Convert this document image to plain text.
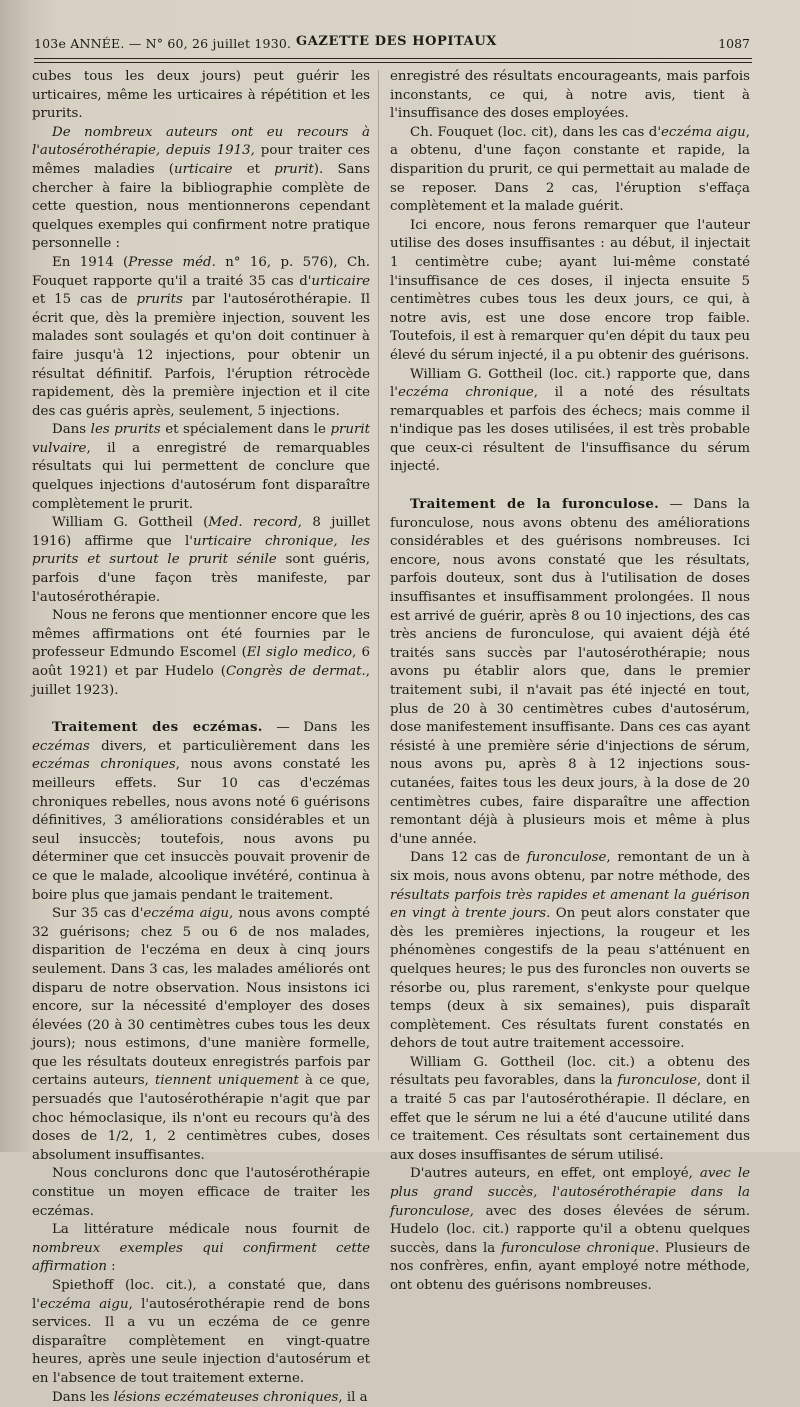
103e ANNÉE. — N° 60, 26 juillet 1930. GAZETTE DES HOPITAUX	1087

cubes tous les deux jours) peut guérir les urticaires, même les urticaires à répétition et les prurits.

De nombreux auteurs ont eu recours à l'autosérothérapie, depuis 1913, pour traiter ces mêmes maladies (urticaire et prurit). Sans chercher à faire la bibliographie complète de cette question, nous mentionnerons cependant quelques exemples qui confirment notre pratique personnelle :

En 1914 (Presse méd. n° 16, p. 576), Ch. Fouquet rapporte qu'il a traité 35 cas d'urticaire et 15 cas de prurits par l'autosérothérapie. Il écrit que, dès la première injection, souvent les malades sont soulagés et qu'on doit continuer à faire jusqu'à 12 injections, pour obtenir un résultat définitif. Parfois, l'éruption rétrocède rapidement, dès la première injection et il cite des cas guéris après, seulement, 5 injections.

Dans les prurits et spécialement dans le prurit vulvaire, il a enregistré de remarquables résultats qui lui permettent de conclure que quelques injections d'autosérum font disparaître complètement le prurit.

William G. Gottheil (Med. record, 8 juillet 1916) affirme que l'urticaire chronique, les prurits et surtout le prurit sénile sont guéris, parfois d'une façon très manifeste, par l'autosérothérapie.

Nous ne ferons que mentionner encore que les mêmes affirmations ont été fournies par le professeur Edmundo Escomel (El siglo medico, 6 août 1921) et par Hudelo (Congrès de dermat., juillet 1923).

Traitement des eczémas. — Dans les eczémas divers, et particulièrement dans les eczémas chroniques, nous avons constaté les meilleurs effets. Sur 10 cas d'eczémas chroniques rebelles, nous avons noté 6 guérisons définitives, 3 améliorations considérables et un seul insuccès; toutefois, nous avons pu déterminer que cet insuccès pouvait provenir de ce que le malade, alcoolique invétéré, continua à boire plus que jamais pendant le traitement.

Sur 35 cas d'eczéma aigu, nous avons compté 32 guérisons; chez 5 ou 6 de nos malades, disparition de l'eczéma en deux à cinq jours seulement. Dans 3 cas, les malades améliorés ont disparu de notre observation. Nous insistons ici encore, sur la nécessité d'employer des doses élevées (20 à 30 centimètres cubes tous les deux jours); nous estimons, d'une manière formelle, que les résultats douteux enregistrés parfois par certains auteurs, tiennent uniquement à ce que, persuadés que l'autosérothérapie n'agit que par choc hémoclasique, ils n'ont eu recours qu'à des doses de 1/2, 1, 2 centimètres cubes, doses absolument insuffisantes.

Nous conclurons donc que l'autosérothérapie constitue un moyen efficace de traiter les eczémas.

La littérature médicale nous fournit de nombreux exemples qui confirment cette affirmation :

Spiethoff (loc. cit.), a constaté que, dans l'eczéma aigu, l'autosérothérapie rend de bons services. Il a vu un eczéma de ce genre disparaître complètement en vingt-quatre heures, après une seule injection d'autosérum et en l'absence de tout traitement externe.

Dans les lésions eczémateuses chroniques, il a

enregistré des résultats encourageants, mais parfois inconstants, ce qui, à notre avis, tient à l'insuffisance des doses employées.

Ch. Fouquet (loc. cit), dans les cas d'eczéma aigu, a obtenu, d'une façon constante et rapide, la disparition du prurit, ce qui permettait au malade de se reposer. Dans 2 cas, l'éruption s'effaça complètement et la malade guérit.

Ici encore, nous ferons remarquer que l'auteur utilise des doses insuffisantes : au début, il injectait 1 centimètre cube; ayant lui-même constaté l'insuffisance de ces doses, il injecta ensuite 5 centimètres cubes tous les deux jours, ce qui, à notre avis, est une dose encore trop faible. Toutefois, il est à remarquer qu'en dépit du taux peu élevé du sérum injecté, il a pu obtenir des guérisons.

William G. Gottheil (loc. cit.) rapporte que, dans l'eczéma chronique, il a noté des résultats remarquables et parfois des échecs; mais comme il n'indique pas les doses utilisées, il est très probable que ceux-ci résultent de l'insuffisance du sérum injecté.

Traitement de la furonculose. — Dans la furonculose, nous avons obtenu des améliorations considérables et des guérisons nombreuses. Ici encore, nous avons constaté que les résultats, parfois douteux, sont dus à l'utilisation de doses insuffisantes et insuffisamment prolongées. Il nous est arrivé de guérir, après 8 ou 10 injections, des cas très anciens de furonculose, qui avaient déjà été traités sans succès par l'autosérothérapie; nous avons pu établir alors que, dans le premier traitement subi, il n'avait pas été injecté en tout, plus de 20 à 30 centimètres cubes d'autosérum, dose manifestement insuffisante. Dans ces cas ayant résisté à une première série d'injections de sérum, nous avons pu, après 8 à 12 injections sous-cutanées, faites tous les deux jours, à la dose de 20 centimètres cubes, faire disparaître une affection remontant déjà à plusieurs mois et même à plus d'une année.

Dans 12 cas de furonculose, remontant de un à six mois, nous avons obtenu, par notre méthode, des résultats parfois très rapides et amenant la guérison en vingt à trente jours. On peut alors constater que dès les premières injections, la rougeur et les phénomènes congestifs de la peau s'atténuent en quelques heures; le pus des furoncles non ouverts se résorbe ou, plus rarement, s'enkyste pour quelque temps (deux à six semaines), puis disparaît complètement. Ces résultats furent constatés en dehors de tout autre traitement accessoire.

William G. Gottheil (loc. cit.) a obtenu des résultats peu favorables, dans la furonculose, dont il a traité 5 cas par l'autosérothérapie. Il déclare, en effet que le sérum ne lui a été d'aucune utilité dans ce traitement. Ces résultats sont certainement dus aux doses insuffisantes de sérum utilisé.

D'autres auteurs, en effet, ont employé, avec le plus grand succès, l'autosérothérapie dans la furonculose, avec des doses élevées de sérum. Hudelo (loc. cit.) rapporte qu'il a obtenu quelques succès, dans la furonculose chronique. Plusieurs de nos confrères, enfin, ayant employé notre méthode, ont obtenu des guérisons nombreuses.
